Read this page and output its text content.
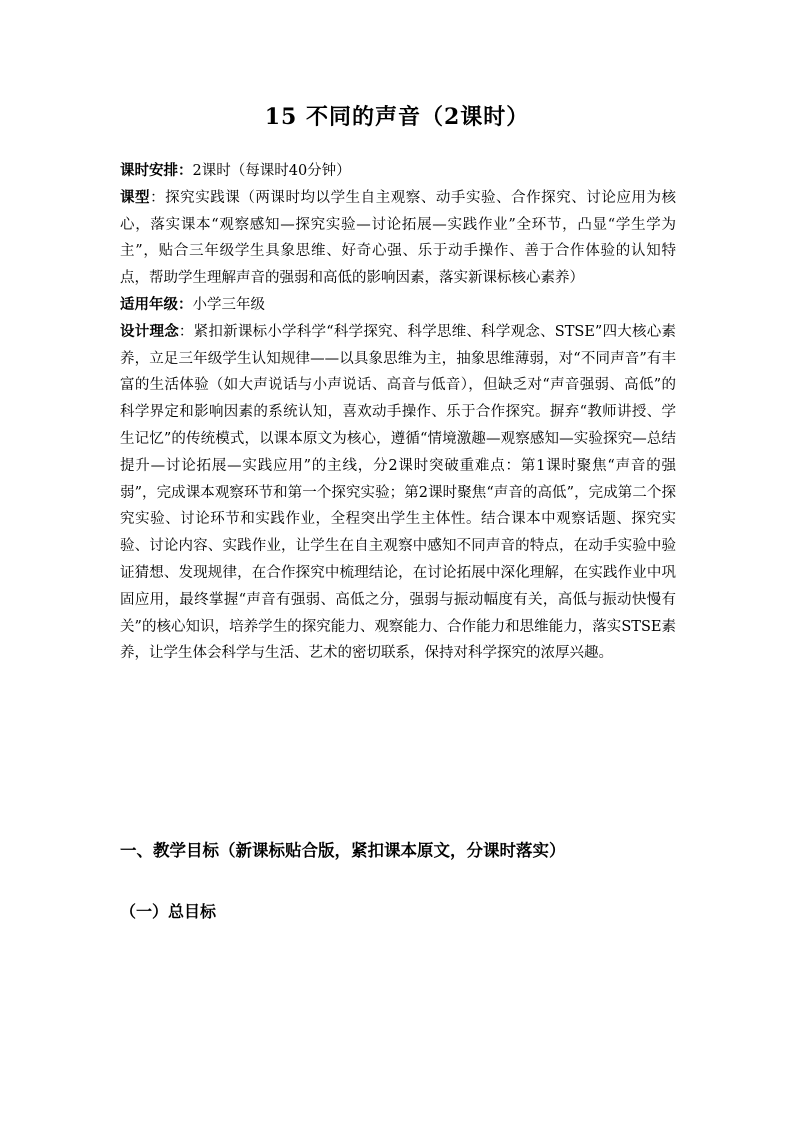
15 不同的声音（2课时）

课时安排：2课时（每课时40分钟）

课型：探究实践课（两课时均以学生自主观察、动手实验、合作探究、讨论应用为核心，落实课本“观察感知—探究实验—讨论拓展—实践作业”全环节，凸显“学生学为主”，贴合三年级学生具象思维、好奇心强、乐于动手操作、善于合作体验的认知特点，帮助学生理解声音的强弱和高低的影响因素，落实新课标核心素养）

适用年级：小学三年级

设计理念：紧扣新课标小学科学“科学探究、科学思维、科学观念、STSE”四大核心素养，立足三年级学生认知规律——以具象思维为主，抽象思维薄弱，对“不同声音”有丰富的生活体验（如大声说话与小声说话、高音与低音），但缺乏对“声音强弱、高低”的科学界定和影响因素的系统认知，喜欢动手操作、乐于合作探究。摒弃“教师讲授、学生记忆”的传统模式，以课本原文为核心，遵循“情境激趣—观察感知—实验探究—总结提升—讨论拓展—实践应用”的主线，分2课时突破重难点：第1课时聚焦“声音的强弱”，完成课本观察环节和第一个探究实验；第2课时聚焦“声音的高低”，完成第二个探究实验、讨论环节和实践作业，全程突出学生主体性。结合课本中观察话题、探究实验、讨论内容、实践作业，让学生在自主观察中感知不同声音的特点，在动手实验中验证猜想、发现规律，在合作探究中梳理结论，在讨论拓展中深化理解，在实践作业中巩固应用，最终掌握“声音有强弱、高低之分，强弱与振动幅度有关，高低与振动快慢有关”的核心知识，培养学生的探究能力、观察能力、合作能力和思维能力，落实STSE素养，让学生体会科学与生活、艺术的密切联系，保持对科学探究的浓厚兴趣。

一、教学目标（新课标贴合版，紧扣课本原文，分课时落实）
（一）总目标
